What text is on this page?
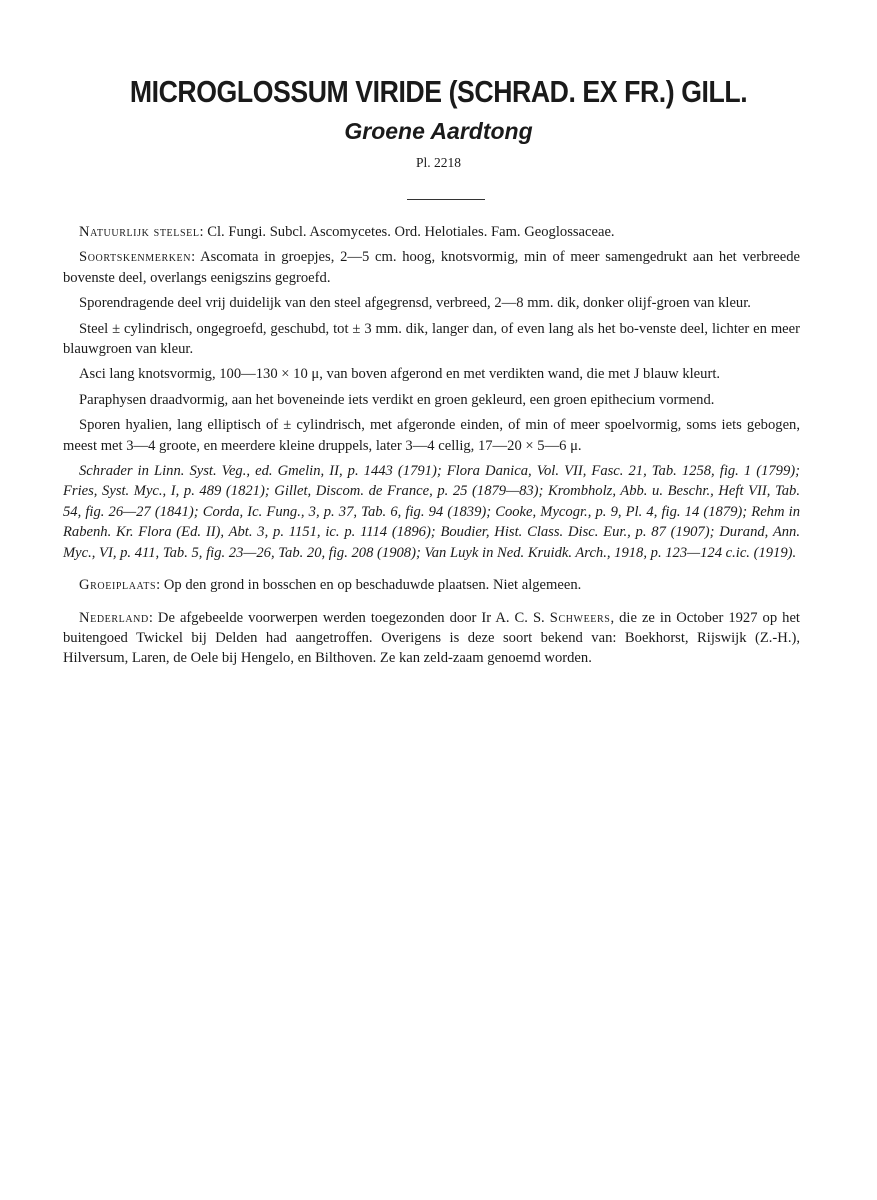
MICROGLOSSUM VIRIDE (SCHRAD. EX FR.) GILL.
Groene Aardtong
Pl. 2218

Natuurlijk stelsel: Cl. Fungi. Subcl. Ascomycetes. Ord. Helotiales. Fam. Geoglossaceae.

Soortskenmerken: Ascomata in groepjes, 2—5 cm. hoog, knotsvormig, min of meer samengedrukt aan het verbreede bovenste deel, overlangs eenigszins gegroefd.

Sporendragende deel vrij duidelijk van den steel afgegrensd, verbreed, 2—8 mm. dik, donker olijf-groen van kleur.

Steel ± cylindrisch, ongegroefd, geschubd, tot ± 3 mm. dik, langer dan, of even lang als het bo-venste deel, lichter en meer blauwgroen van kleur.

Asci lang knotsvormig, 100—130 × 10 μ, van boven afgerond en met verdikten wand, die met J blauw kleurt.

Paraphysen draadvormig, aan het boveneinde iets verdikt en groen gekleurd, een groen epithecium vormend.

Sporen hyalien, lang elliptisch of ± cylindrisch, met afgeronde einden, of min of meer spoelvormig, soms iets gebogen, meest met 3—4 groote, en meerdere kleine druppels, later 3—4 cellig, 17—20 × 5—6 μ.

Schrader in Linn. Syst. Veg., ed. Gmelin, II, p. 1443 (1791); Flora Danica, Vol. VII, Fasc. 21, Tab. 1258, fig. 1 (1799); Fries, Syst. Myc., I, p. 489 (1821); Gillet, Discom. de France, p. 25 (1879—83); Krombholz, Abb. u. Beschr., Heft VII, Tab. 54, fig. 26—27 (1841); Corda, Ic. Fung., 3, p. 37, Tab. 6, fig. 94 (1839); Cooke, Mycogr., p. 9, Pl. 4, fig. 14 (1879); Rehm in Rabenh. Kr. Flora (Ed. II), Abt. 3, p. 1151, ic. p. 1114 (1896); Boudier, Hist. Class. Disc. Eur., p. 87 (1907); Durand, Ann. Myc., VI, p. 411, Tab. 5, fig. 23—26, Tab. 20, fig. 208 (1908); Van Luyk in Ned. Kruidk. Arch., 1918, p. 123—124 c.ic. (1919).

Groeiplaats: Op den grond in bosschen en op beschaduwde plaatsen. Niet algemeen.

Nederland: De afgebeelde voorwerpen werden toegezonden door Ir A. C. S. Schweers, die ze in October 1927 op het buitengoed Twickel bij Delden had aangetroffen. Overigens is deze soort bekend van: Boekhorst, Rijswijk (Z.-H.), Hilversum, Laren, de Oele bij Hengelo, en Bilthoven. Ze kan zeld-zaam genoemd worden.
